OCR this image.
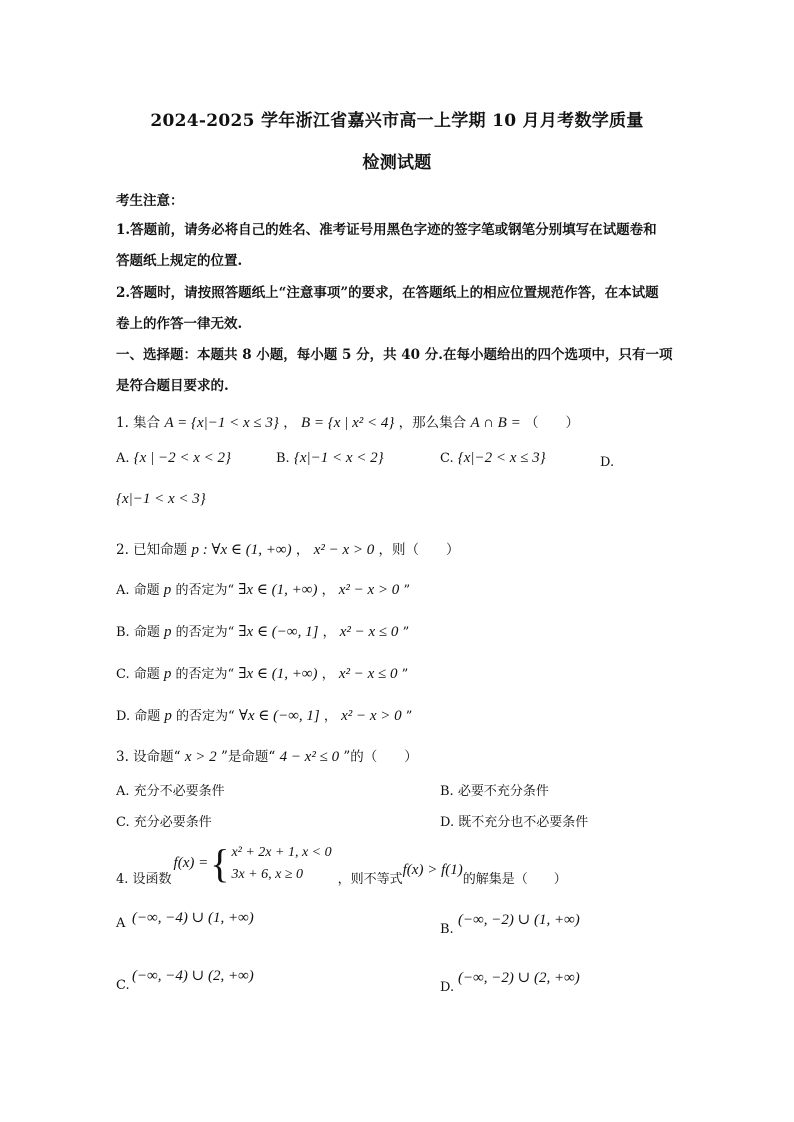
2024-2025 学年浙江省嘉兴市高一上学期 10 月月考数学质量
检测试题
考生注意：
1.答题前，请务必将自己的姓名、准考证号用黑色字迹的签字笔或钢笔分别填写在试题卷和
答题纸上规定的位置.
2.答题时，请按照答题纸上“注意事项”的要求，在答题纸上的相应位置规范作答，在本试题
卷上的作答一律无效.
一、选择题：本题共 8 小题，每小题 5 分，共 40 分.在每小题给出的四个选项中，只有一项
是符合题目要求的.
1. 集合 A = {x|−1 < x ≤ 3} ， B = {x | x² < 4} ，那么集合 A ∩ B = （　　）
A. {x | −2 < x < 2}	B. {x|−1 < x < 2}	C. {x|−2 < x ≤ 3}	D.
{x|−1 < x < 3}
2. 已知命题 p : ∀x ∈ (1, +∞) ， x² − x > 0 ，则（　　）
A. 命题 p 的否定为“ ∃x ∈ (1, +∞) ， x² − x > 0 ”
B. 命题 p 的否定为“ ∃x ∈ (−∞, 1] ， x² − x ≤ 0 ”
C. 命题 p 的否定为“ ∃x ∈ (1, +∞) ， x² − x ≤ 0 ”
D. 命题 p 的否定为“ ∀x ∈ (−∞, 1] ， x² − x > 0 ”
3. 设命题“ x > 2 ”是命题“ 4 − x² ≤ 0 ”的（　　）
A. 充分不必要条件	B. 必要不充分条件
C. 充分必要条件	D. 既不充分也不必要条件
4. 设函数
f(x) = { x² + 2x + 1, x < 0
3x + 6, x ≥ 0	，则不等式
f(x) > f(1)
的解集是（　　）
A (−∞, −4) ∪ (1, +∞)
B.
(−∞, −2) ∪ (1, +∞)
C.
(−∞, −4) ∪ (2, +∞)
D.
(−∞, −2) ∪ (2, +∞)
